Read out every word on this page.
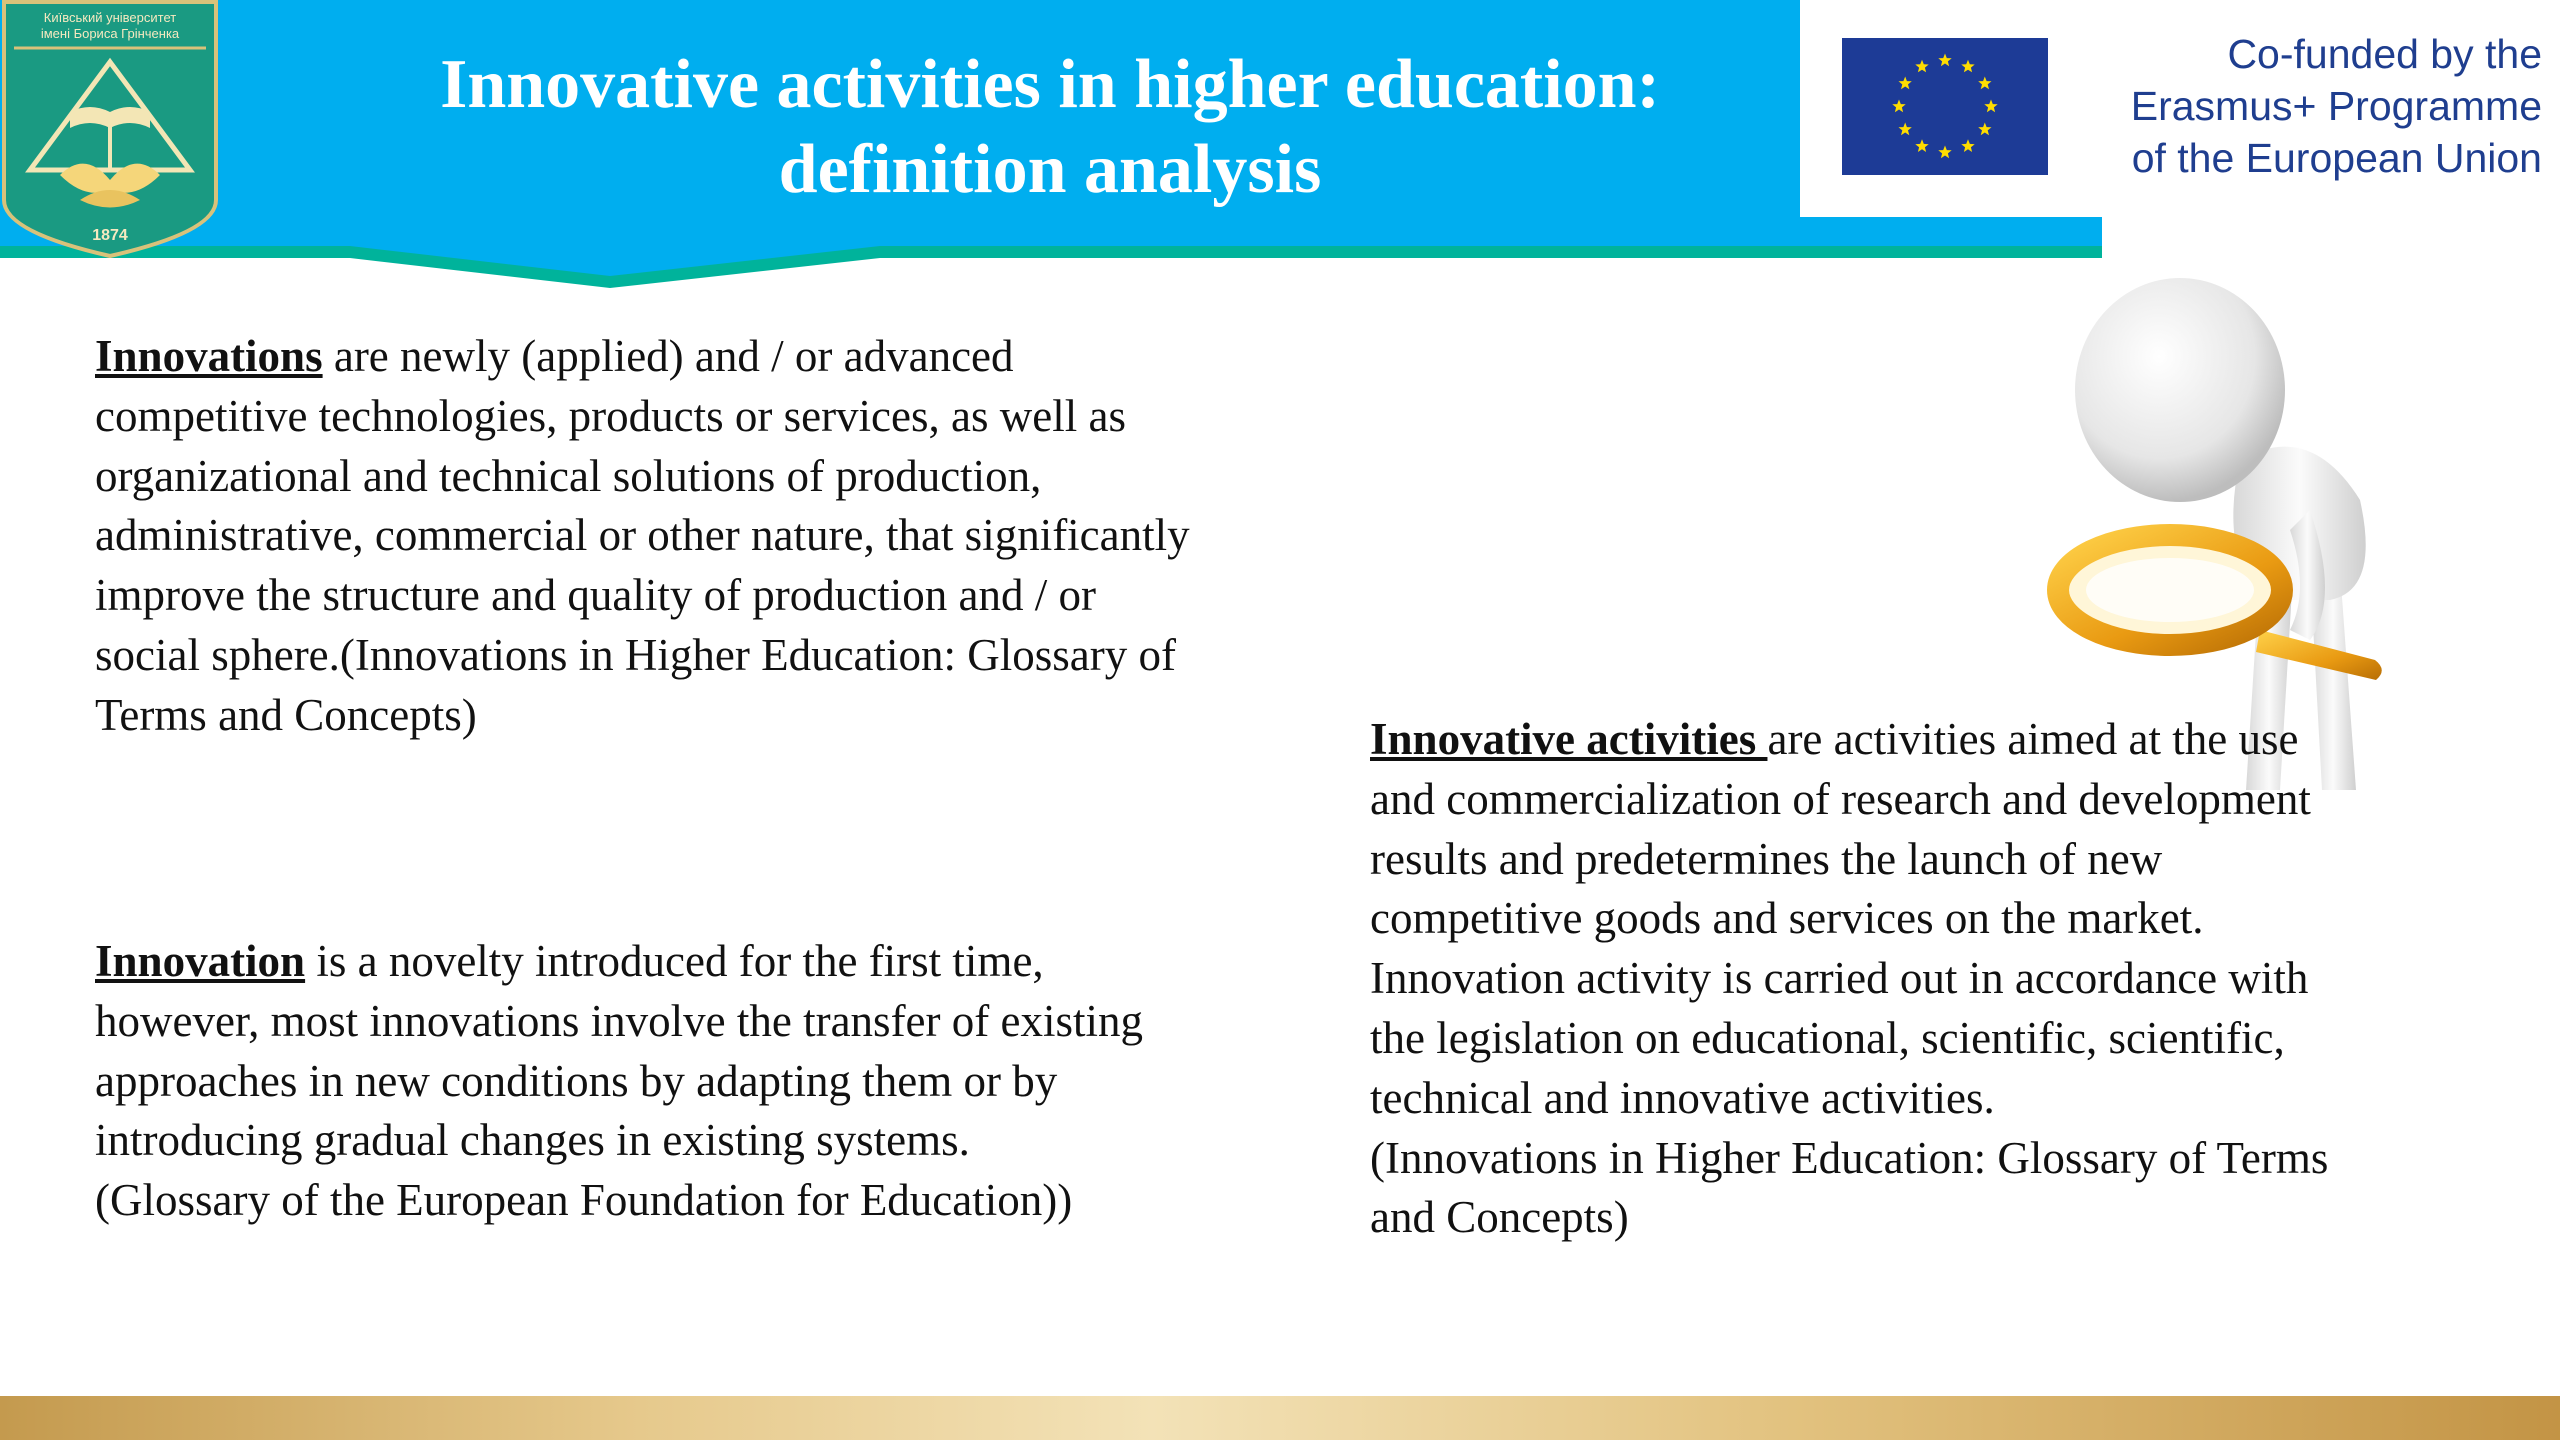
Київський університет
імені Бориса Грінченка
1874
Innovative activities in higher education:
definition analysis
Co-funded by the
Erasmus+ Programme
of the European Union
Innovations are newly (applied) and / or advanced
competitive technologies, products or services, as well as
organizational and technical solutions of production,
administrative, commercial or other nature, that significantly
improve the structure and quality of production and / or
social sphere.(Innovations in Higher Education: Glossary of
Terms and Concepts)
Innovation is a novelty introduced for the first time,
however, most innovations involve the transfer of existing
approaches in new conditions by adapting them or by
introducing gradual changes in existing systems.
(Glossary of the European Foundation for Education))
Innovative activities are activities aimed at the use
and commercialization of research and development
results and predetermines the launch of new
competitive goods and services on the market.
Innovation activity is carried out in accordance with
the legislation on educational, scientific, scientific,
technical and innovative activities.
(Innovations in Higher Education: Glossary of Terms
and Concepts)
